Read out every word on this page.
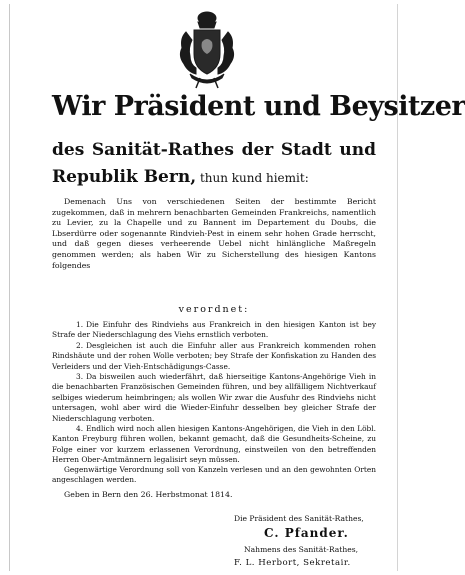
Wir Präsident und Beysitzer
des Sanität-Rathes der Stadt und
Republik Bern, thun kund hiemit:

Demenach Uns von verschiedenen Seiten der bestimmte Bericht zugekommen, daß in mehrern benachbarten Gemeinden Frankreichs, namentlich zu Levier, zu la Chapelle und zu Bannent im Departement du Doubs, die Lbserdürre oder sogenannte Rindvieh-Pest in einem sehr hohen Grade herrscht, und daß gegen dieses verheerende Uebel nicht hinlängliche Maßregeln genommen werden; als haben Wir zu Sicherstellung des hiesigen Kantons folgendes

verordnet:

1. Die Einfuhr des Rindviehs aus Frankreich in den hiesigen Kanton ist bey Strafe der Niederschlagung des Viehs ernstlich verboten.

2. Desgleichen ist auch die Einfuhr aller aus Frankreich kommenden rohen Rindshäute und der rohen Wolle verboten; bey Strafe der Konfiskation zu Handen des Verleiders und der Vieh-Entschädigungs-Casse.

3. Da bisweilen auch wiederfährt, daß hierseitige Kantons-Angehörige Vieh in die benachbarten Französischen Gemeinden führen, und bey allfälligem Nichtverkauf selbiges wiederum heimbringen; als wollen Wir zwar die Ausfuhr des Rindviehs nicht untersagen, wohl aber wird die Wieder-Einfuhr desselben bey gleicher Strafe der Niederschlagung verboten.

4. Endlich wird noch allen hiesigen Kantons-Angehörigen, die Vieh in den Löbl. Kanton Freyburg führen wollen, bekannt gemacht, daß die Gesundheits-Scheine, zu Folge einer vor kurzem erlassenen Verordnung, einstweilen von den betreffenden Herren Ober-Amtmännern legalisirt seyn müssen.

Gegenwärtige Verordnung soll von Kanzeln verlesen und an den gewohnten Orten angeschlagen werden.

Geben in Bern den 26. Herbstmonat 1814.
Die Präsident des Sanität-Rathes,
C. Pfander.
Nahmens des Sanität-Rathes,
F. L. Herbort, Sekretair.
